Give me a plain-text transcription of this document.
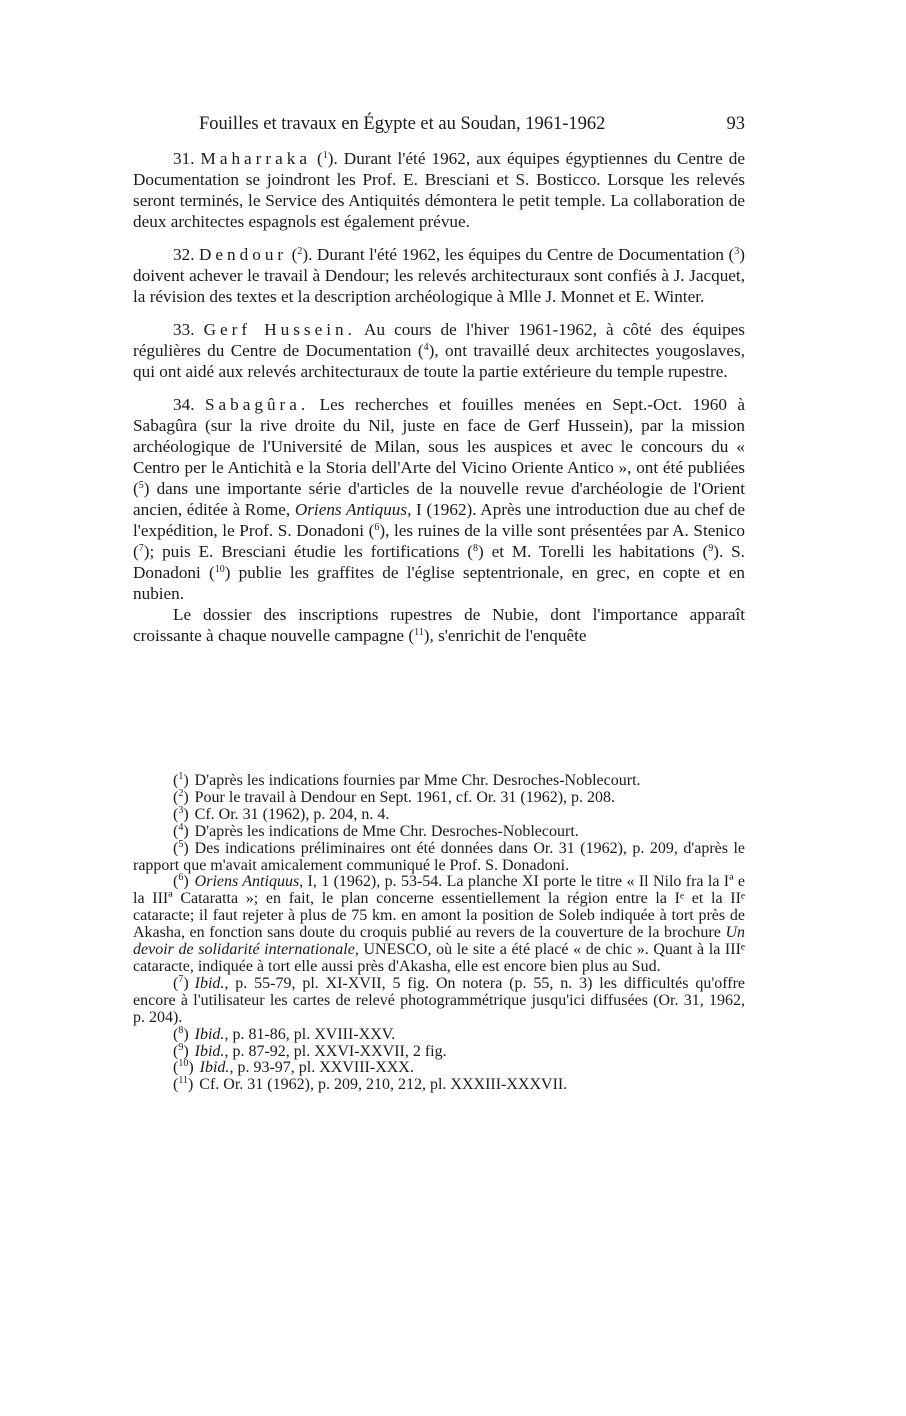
Fouilles et travaux en Égypte et au Soudan, 1961-1962	93

31. Maharraka ($^1$). Durant l'été 1962, aux équipes égyptiennes du Centre de Documentation se joindront les Prof. E. Bresciani et S. Bosticco. Lorsque les relevés seront terminés, le Service des Antiquités démontera le petit temple. La collaboration de deux architectes espagnols est également prévue.

32. Dendour ($^2$). Durant l'été 1962, les équipes du Centre de Documentation ($^3$) doivent achever le travail à Dendour; les relevés architecturaux sont confiés à J. Jacquet, la révision des textes et la description archéologique à Mlle J. Monnet et E. Winter.

33. Gerf Hussein. Au cours de l'hiver 1961-1962, à côté des équipes régulières du Centre de Documentation ($^4$), ont travaillé deux architectes yougoslaves, qui ont aidé aux relevés architecturaux de toute la partie extérieure du temple rupestre.

34. Sabagûra. Les recherches et fouilles menées en Sept.-Oct. 1960 à Sabagûra (sur la rive droite du Nil, juste en face de Gerf Hussein), par la mission archéologique de l'Université de Milan, sous les auspices et avec le concours du « Centro per le Antichità e la Storia dell'Arte del Vicino Oriente Antico », ont été publiées ($^5$) dans une importante série d'articles de la nouvelle revue d'archéologie de l'Orient ancien, éditée à Rome, Oriens Antiquus, I (1962). Après une introduction due au chef de l'expédition, le Prof. S. Donadoni ($^6$), les ruines de la ville sont présentées par A. Stenico ($^7$); puis E. Bresciani étudie les fortifications ($^8$) et M. Torelli les habitations ($^9$). S. Donadoni ($^{10}$) publie les graffites de l'église septentrionale, en grec, en copte et en nubien.

Le dossier des inscriptions rupestres de Nubie, dont l'importance apparaît croissante à chaque nouvelle campagne ($^{11}$), s'enrichit de l'enquête

($^1$) D'après les indications fournies par Mme Chr. Desroches-Noblecourt.

($^2$) Pour le travail à Dendour en Sept. 1961, cf. Or. 31 (1962), p. 208.

($^3$) Cf. Or. 31 (1962), p. 204, n. 4.

($^4$) D'après les indications de Mme Chr. Desroches-Noblecourt.

($^5$) Des indications préliminaires ont été données dans Or. 31 (1962), p. 209, d'après le rapport que m'avait amicalement communiqué le Prof. S. Donadoni.

($^6$) Oriens Antiquus, I, 1 (1962), p. 53-54. La planche XI porte le titre « Il Nilo fra la Iª e la IIIª Cataratta »; en fait, le plan concerne essentiellement la région entre la Iᵉ et la IIᵉ cataracte; il faut rejeter à plus de 75 km. en amont la position de Soleb indiquée à tort près de Akasha, en fonction sans doute du croquis publié au revers de la couverture de la brochure Un devoir de solidarité internationale, UNESCO, où le site a été placé « de chic ». Quant à la IIIᵉ cataracte, indiquée à tort elle aussi près d'Akasha, elle est encore bien plus au Sud.

($^7$) Ibid., p. 55-79, pl. XI-XVII, 5 fig. On notera (p. 55, n. 3) les difficultés qu'offre encore à l'utilisateur les cartes de relevé photogrammétrique jusqu'ici diffusées (Or. 31, 1962, p. 204).

($^8$) Ibid., p. 81-86, pl. XVIII-XXV.

($^9$) Ibid., p. 87-92, pl. XXVI-XXVII, 2 fig.

($^{10}$) Ibid., p. 93-97, pl. XXVIII-XXX.

($^{11}$) Cf. Or. 31 (1962), p. 209, 210, 212, pl. XXXIII-XXXVII.
